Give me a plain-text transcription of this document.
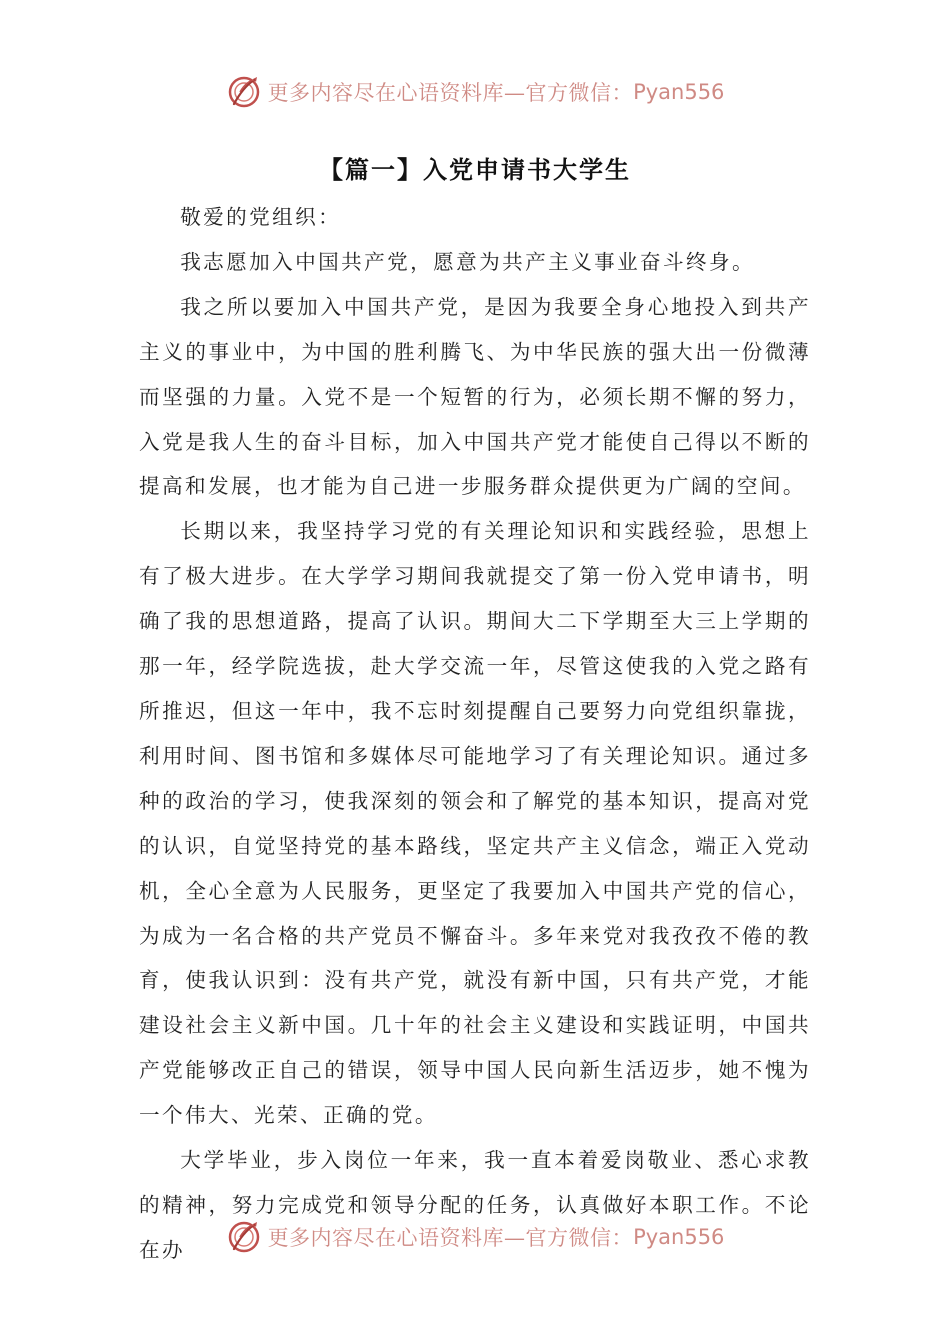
更多内容尽在心语资料库—官方微信： Pyan556
【篇一】入党申请书大学生

敬爱的党组织：

我志愿加入中国共产党，愿意为共产主义事业奋斗终身。

我之所以要加入中国共产党，是因为我要全身心地投入到共产主义的事业中，为中国的胜利腾飞、为中华民族的强大出一份微薄而坚强的力量。入党不是一个短暂的行为，必须长期不懈的努力，入党是我人生的奋斗目标，加入中国共产党才能使自己得以不断的提高和发展，也才能为自己进一步服务群众提供更为广阔的空间。

长期以来，我坚持学习党的有关理论知识和实践经验，思想上有了极大进步。在大学学习期间我就提交了第一份入党申请书，明确了我的思想道路，提高了认识。期间大二下学期至大三上学期的那一年，经学院选拔，赴大学交流一年，尽管这使我的入党之路有所推迟，但这一年中，我不忘时刻提醒自己要努力向党组织靠拢，利用时间、图书馆和多媒体尽可能地学习了有关理论知识。通过多种的政治的学习，使我深刻的领会和了解党的基本知识，提高对党的认识，自觉坚持党的基本路线，坚定共产主义信念，端正入党动机，全心全意为人民服务，更坚定了我要加入中国共产党的信心，为成为一名合格的共产党员不懈奋斗。多年来党对我孜孜不倦的教育，使我认识到：没有共产党，就没有新中国，只有共产党，才能建设社会主义新中国。几十年的社会主义建设和实践证明，中国共产党能够改正自己的错误，领导中国人民向新生活迈步，她不愧为一个伟大、光荣、正确的党。

大学毕业，步入岗位一年来，我一直本着爱岗敬业、悉心求教的精神，努力完成党和领导分配的任务，认真做好本职工作。不论在办	更多内容尽在心语资料库—官方微信： Pyan556
